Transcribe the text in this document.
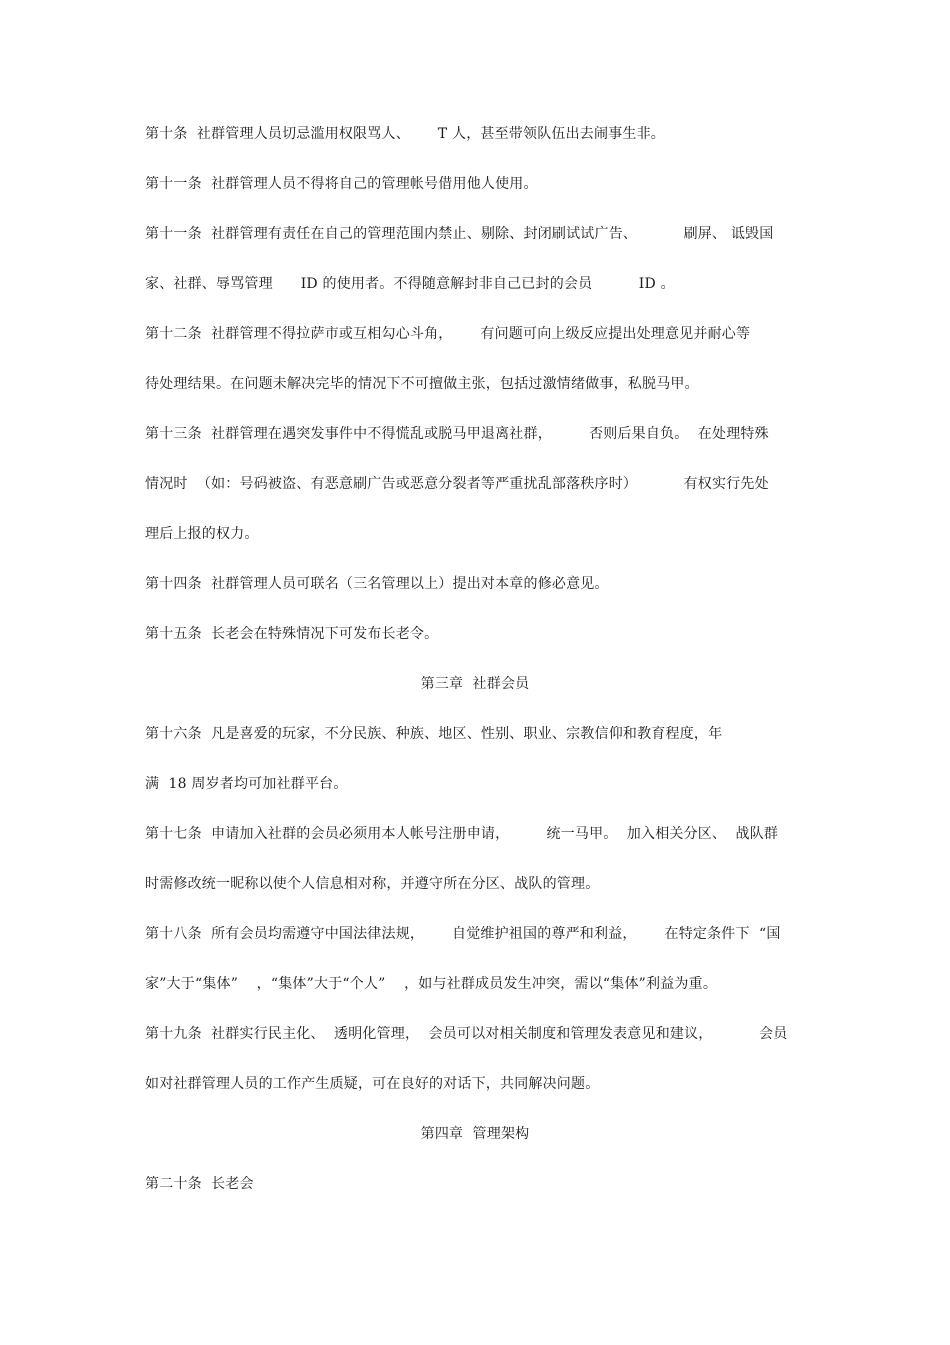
第十条  社群管理人员切忌滥用权限骂人、      T 人，甚至带领队伍出去闹事生非。
第十一条  社群管理人员不得将自己的管理帐号借用他人使用。
第十一条  社群管理有责任在自己的管理范围内禁止、剔除、封闭刷试试广告、          刷屏、 诋毁国
家、社群、辱骂管理      ID 的使用者。不得随意解封非自己已封的会员          ID 。
第十二条  社群管理不得拉萨市或互相勾心斗角，      有问题可向上级反应提出处理意见并耐心等
待处理结果。在问题未解决完毕的情况下不可擅做主张，包括过激情绪做事，私脱马甲。
第十三条  社群管理在遇突发事件中不得慌乱或脱马甲退离社群，        否则后果自负。  在处理特殊
情况时  （如：号码被盗、有恶意刷广告或恶意分裂者等严重扰乱部落秩序时）          有权实行先处
理后上报的权力。
第十四条  社群管理人员可联名（三名管理以上）提出对本章的修必意见。
第十五条  长老会在特殊情况下可发布长老令。
第三章  社群会员
第十六条  凡是喜爱的玩家，不分民族、种族、地区、性别、职业、宗教信仰和教育程度，年
满  18 周岁者均可加社群平台。
第十七条  申请加入社群的会员必须用本人帐号注册申请，        统一马甲。  加入相关分区、  战队群
时需修改统一昵称以使个人信息相对称，并遵守所在分区、战队的管理。
第十八条  所有会员均需遵守中国法律法规，      自觉维护祖国的尊严和利益，      在特定条件下  “国
家”大于“集体”    ，“集体”大于“个人”    ，如与社群成员发生冲突，需以“集体”利益为重。
第十九条  社群实行民主化、  透明化管理，  会员可以对相关制度和管理发表意见和建议，          会员
如对社群管理人员的工作产生质疑，可在良好的对话下，共同解决问题。
第四章  管理架构
第二十条  长老会
